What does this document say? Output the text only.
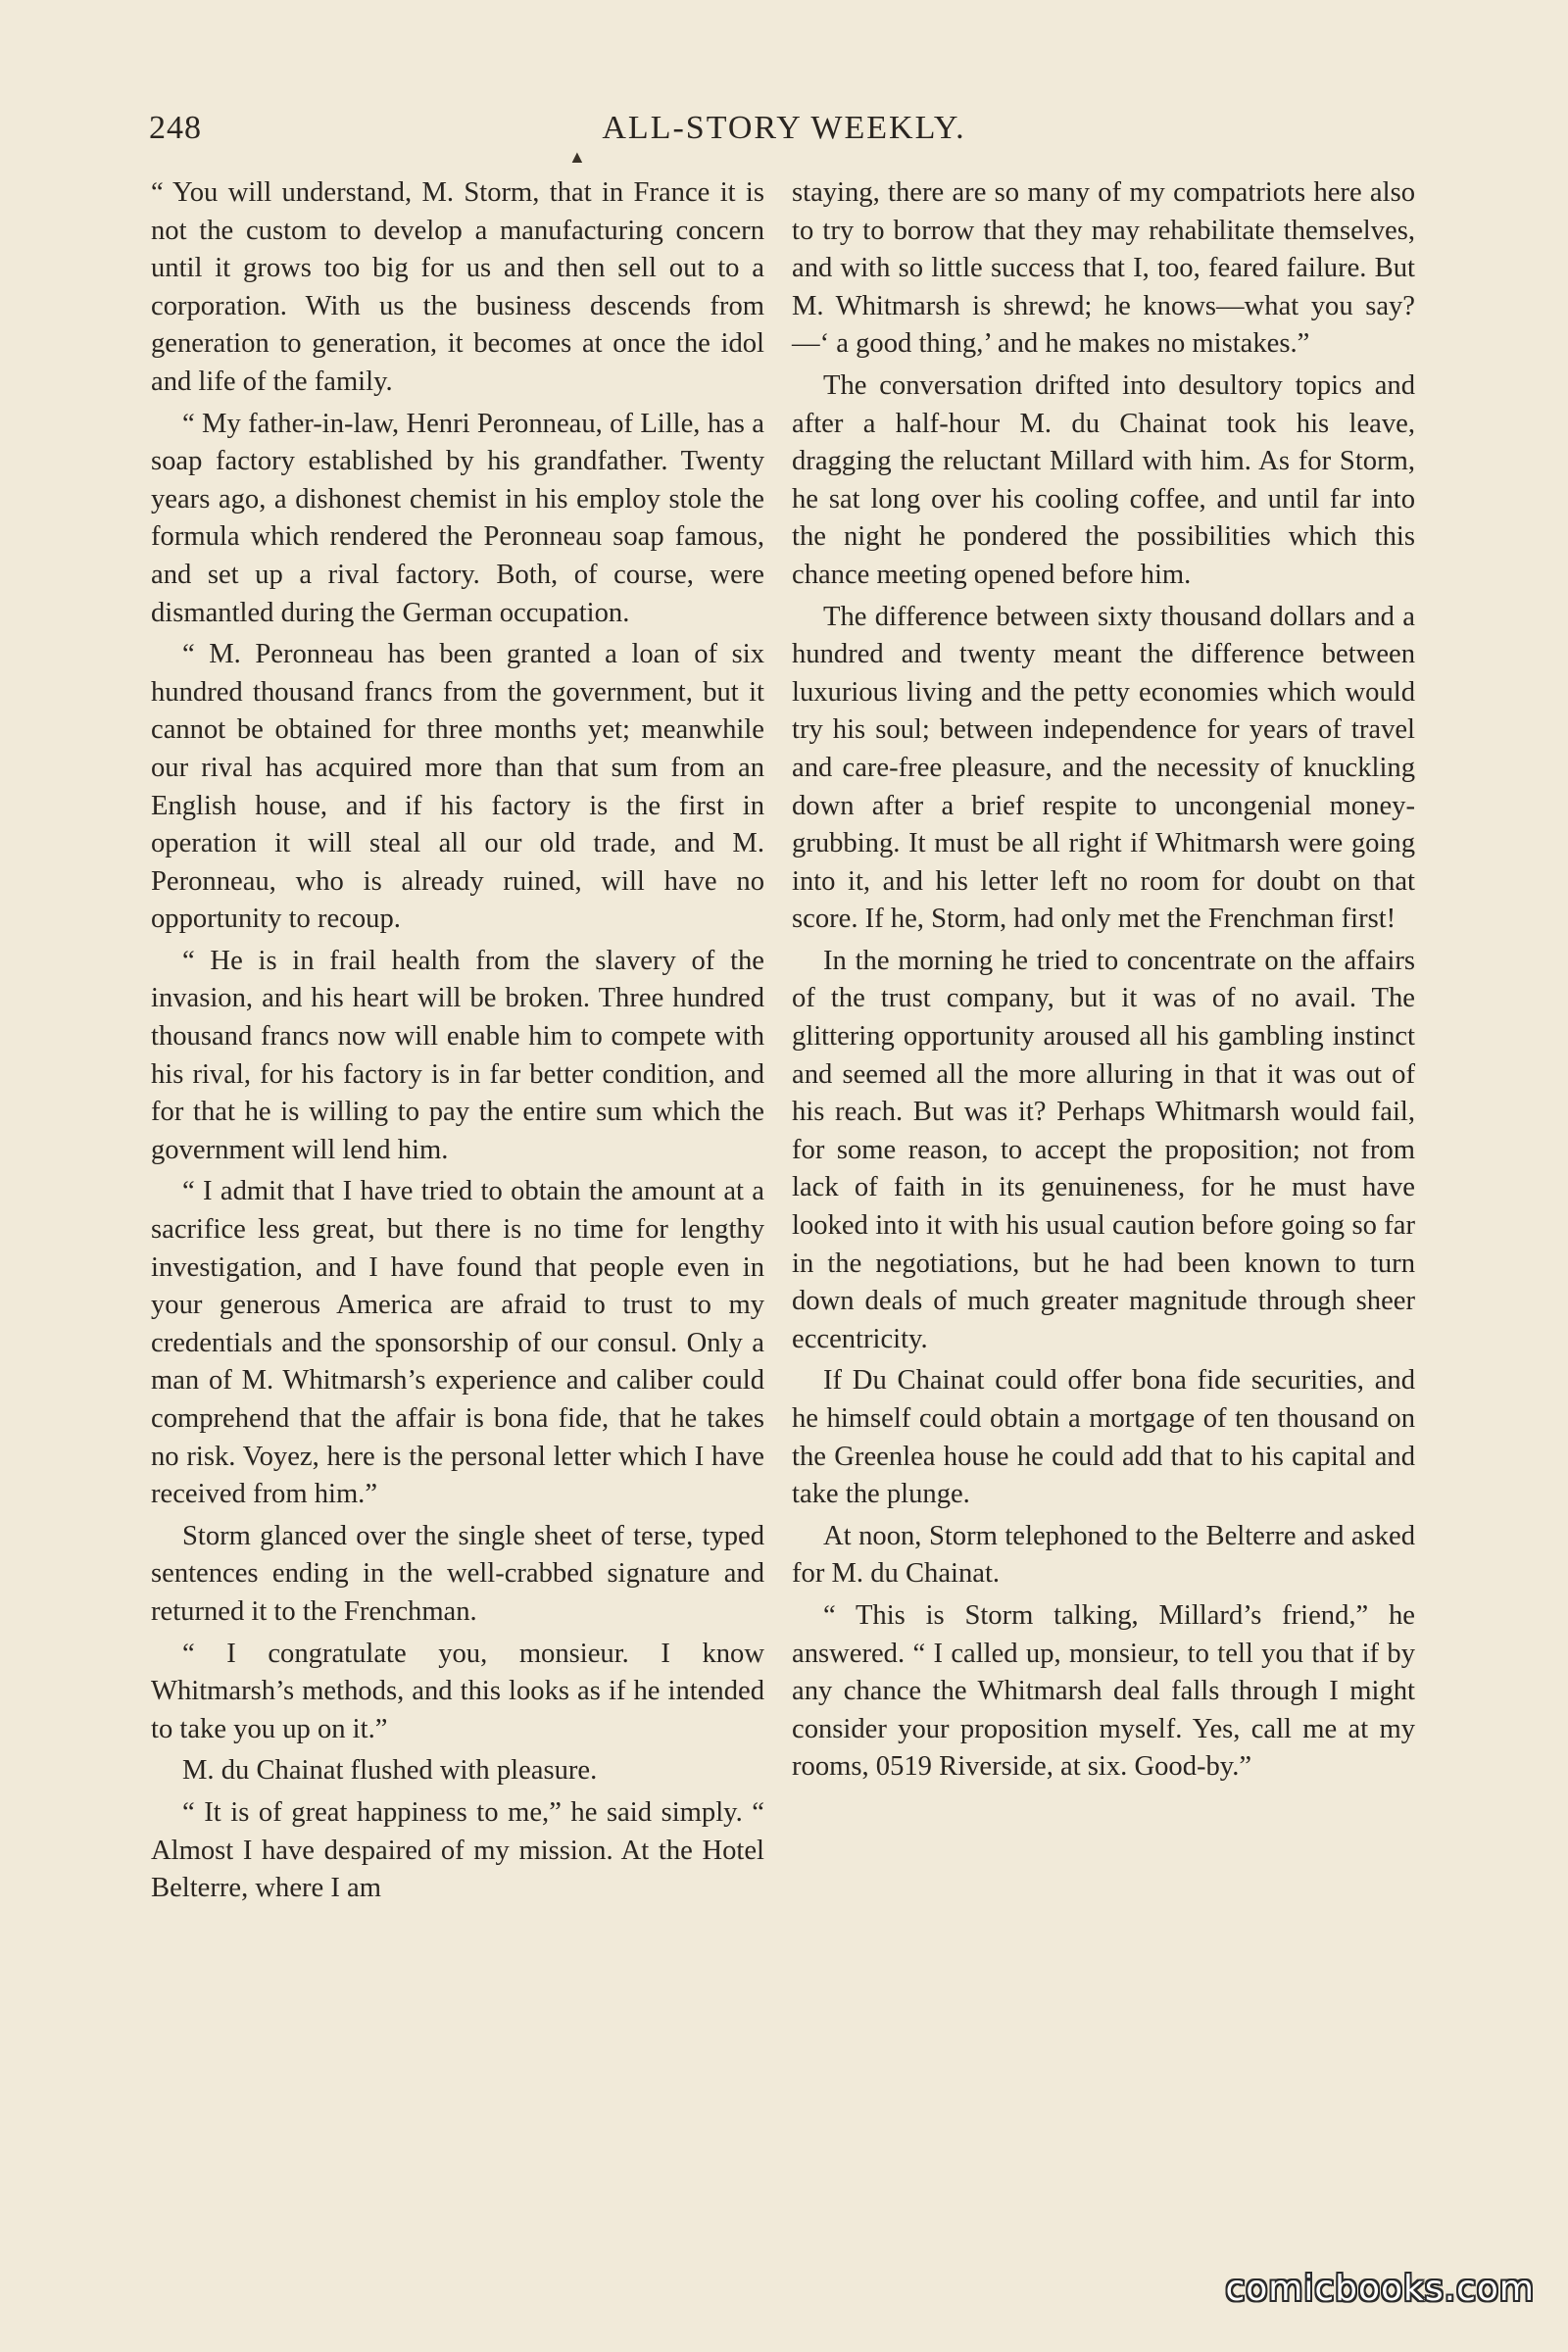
248	ALL-STORY WEEKLY.
▲

“ You will understand, M. Storm, that in France it is not the custom to develop a manufacturing concern until it grows too big for us and then sell out to a corporation. With us the business descends from generation to generation, it becomes at once the idol and life of the family.

“ My father-in-law, Henri Peronneau, of Lille, has a soap factory established by his grandfather. Twenty years ago, a dishonest chemist in his employ stole the formula which rendered the Peronneau soap famous, and set up a rival factory. Both, of course, were dismantled during the German occupation.

“ M. Peronneau has been granted a loan of six hundred thousand francs from the government, but it cannot be obtained for three months yet; meanwhile our rival has acquired more than that sum from an English house, and if his factory is the first in operation it will steal all our old trade, and M. Peronneau, who is already ruined, will have no opportunity to recoup.

“ He is in frail health from the slavery of the invasion, and his heart will be broken. Three hundred thousand francs now will enable him to compete with his rival, for his factory is in far better condition, and for that he is willing to pay the entire sum which the government will lend him.

“ I admit that I have tried to obtain the amount at a sacrifice less great, but there is no time for lengthy investigation, and I have found that people even in your generous America are afraid to trust to my credentials and the sponsorship of our consul. Only a man of M. Whitmarsh’s experience and caliber could comprehend that the affair is bona fide, that he takes no risk. Voyez, here is the personal letter which I have received from him.”

Storm glanced over the single sheet of terse, typed sentences ending in the well-crabbed signature and returned it to the Frenchman.

“ I congratulate you, monsieur. I know Whitmarsh’s methods, and this looks as if he intended to take you up on it.”

M. du Chainat flushed with pleasure.

“ It is of great happiness to me,” he said simply. “ Almost I have despaired of my mission. At the Hotel Belterre, where I am

staying, there are so many of my compatriots here also to try to borrow that they may rehabilitate themselves, and with so little success that I, too, feared failure. But M. Whitmarsh is shrewd; he knows—what you say?—‘ a good thing,’ and he makes no mistakes.”

The conversation drifted into desultory topics and after a half-hour M. du Chainat took his leave, dragging the reluctant Millard with him. As for Storm, he sat long over his cooling coffee, and until far into the night he pondered the possibilities which this chance meeting opened before him.

The difference between sixty thousand dollars and a hundred and twenty meant the difference between luxurious living and the petty economies which would try his soul; between independence for years of travel and care-free pleasure, and the necessity of knuckling down after a brief respite to uncongenial money-grubbing. It must be all right if Whitmarsh were going into it, and his letter left no room for doubt on that score. If he, Storm, had only met the Frenchman first!

In the morning he tried to concentrate on the affairs of the trust company, but it was of no avail. The glittering opportunity aroused all his gambling instinct and seemed all the more alluring in that it was out of his reach. But was it? Perhaps Whitmarsh would fail, for some reason, to accept the proposition; not from lack of faith in its genuineness, for he must have looked into it with his usual caution before going so far in the negotiations, but he had been known to turn down deals of much greater magnitude through sheer eccentricity.

If Du Chainat could offer bona fide securities, and he himself could obtain a mortgage of ten thousand on the Greenlea house he could add that to his capital and take the plunge.

At noon, Storm telephoned to the Belterre and asked for M. du Chainat.

“ This is Storm talking, Millard’s friend,” he answered. “ I called up, monsieur, to tell you that if by any chance the Whitmarsh deal falls through I might consider your proposition myself. Yes, call me at my rooms, 0519 Riverside, at six. Good-by.”

comicbooks.com
